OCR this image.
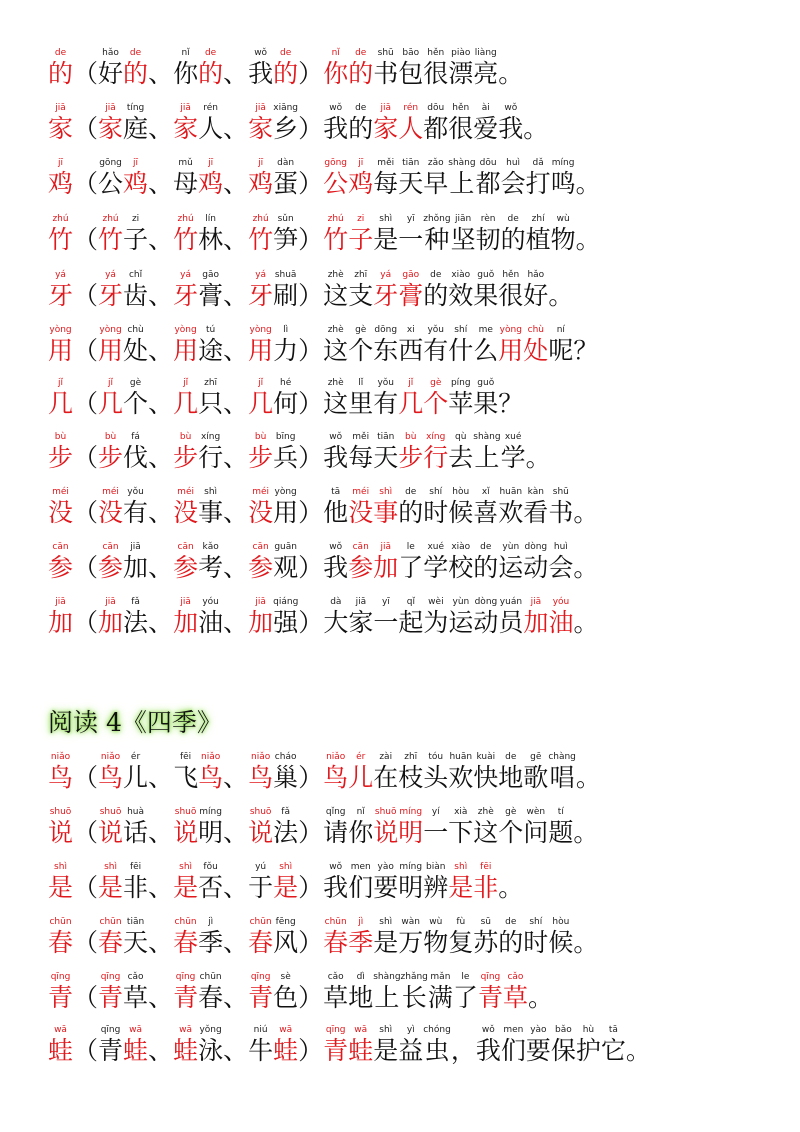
de
的 （
hǎo
好
de
的 、
nǐ
你
de
的 、
wǒ
我
de
的 ）
nǐ
你
de
的
shū
书
bāo
包
hěn
很
piào
漂
liàng
亮 。
jiā
家 （
jiā
家
tíng
庭 、
jiā
家
rén
人 、
jiā
家
xiāng
乡 ）
wǒ
我
de
的
jiā
家
rén
人
dōu
都
hěn
很
ài
爱
wǒ
我 。
jī
鸡 （
gōng
公
jī
鸡 、
mǔ
母
jī
鸡 、
jī
鸡
dàn
蛋 ）
gōng
公
jī
鸡
měi
每
tiān
天
zǎo
早
shàng
上
dōu
都
huì
会
dǎ
打
míng
鸣 。
zhú
竹 （
zhú
竹
zi
子 、
zhú
竹
lín
林 、
zhú
竹
sǔn
笋 ）
zhú
竹
zi
子
shì
是
yī
一
zhǒng
种
jiān
坚
rèn
韧
de
的
zhí
植
wù
物 。
yá
牙 （
yá
牙
chǐ
齿 、
yá
牙
gāo
膏 、
yá
牙
shuā
刷 ）
zhè
这
zhī
支
yá
牙
gāo
膏
de
的
xiào
效
guǒ
果
hěn
很
hǎo
好 。
yòng
用 （
yòng
用
chù
处 、
yòng
用
tú
途 、
yòng
用
lì
力 ）
zhè
这
gè
个
dōng
东
xi
西
yǒu
有
shí
什
me
么
yòng
用
chù
处
ní
呢 ？
jǐ
几 （
jǐ
几
gè
个 、
jǐ
几
zhī
只 、
jǐ
几
hé
何 ）
zhè
这
lǐ
里
yǒu
有
jǐ
几
gè
个
píng
苹
guǒ
果 ？
bù
步 （
bù
步
fá
伐 、
bù
步
xíng
行 、
bù
步
bīng
兵 ）
wǒ
我
měi
每
tiān
天
bù
步
xíng
行
qù
去
shàng
上
xué
学 。
méi
没 （
méi
没
yǒu
有 、
méi
没
shì
事 、
méi
没
yòng
用 ）
tā
他
méi
没
shì
事
de
的
shí
时
hòu
候
xǐ
喜
huān
欢
kàn
看
shū
书 。
cān
参 （
cān
参
jiā
加 、
cān
参
kǎo
考 、
cān
参
guān
观 ）
wǒ
我
cān
参
jiā
加
le
了
xué
学
xiào
校
de
的
yùn
运
dòng
动
huì
会 。
jiā
加 （
jiā
加
fǎ
法 、
jiā
加
yóu
油 、
jiā
加
qiáng
强 ）
dà
大
jiā
家
yī
一
qǐ
起
wèi
为
yùn
运
dòng
动
yuán
员
jiā
加
yóu
油 。
阅读 4《四季》
niǎo
鸟 （
niǎo
鸟
ér
儿 、
fēi
飞
niǎo
鸟 、
niǎo
鸟
cháo
巢 ）
niǎo
鸟
ér
儿
zài
在
zhī
枝
tóu
头
huān
欢
kuài
快
de
地
gē
歌
chàng
唱 。
shuō
说 （
shuō
说
huà
话 、
shuō
说
míng
明 、
shuō
说
fǎ
法 ）
qǐng
请
nǐ
你
shuō
说
míng
明
yí
一
xià
下
zhè
这
gè
个
wèn
问
tí
题 。
shì
是 （
shì
是
fēi
非 、
shì
是
fǒu
否 、
yú
于
shì
是 ）
wǒ
我
men
们
yào
要
míng
明
biàn
辨
shì
是
fēi
非 。
chūn
春 （
chūn
春
tiān
天 、
chūn
春
jì
季 、
chūn
春
fēng
风 ）
chūn
春
jì
季
shì
是
wàn
万
wù
物
fù
复
sū
苏
de
的
shí
时
hòu
候 。
qīng
青 （
qīng
青
cǎo
草 、
qīng
青
chūn
春 、
qīng
青
sè
色 ）
cǎo
草
dì
地
shàng
上
zhǎng
长
mǎn
满
le
了
qīng
青
cǎo
草 。
wā
蛙 （
qīng
青
wā
蛙 、
wā
蛙
yǒng
泳 、
niú
牛
wā
蛙 ）
qīng
青
wā
蛙
shì
是
yì
益
chóng
虫 ，
wǒ
我
men
们
yào
要
bǎo
保
hù
护
tā
它 。
